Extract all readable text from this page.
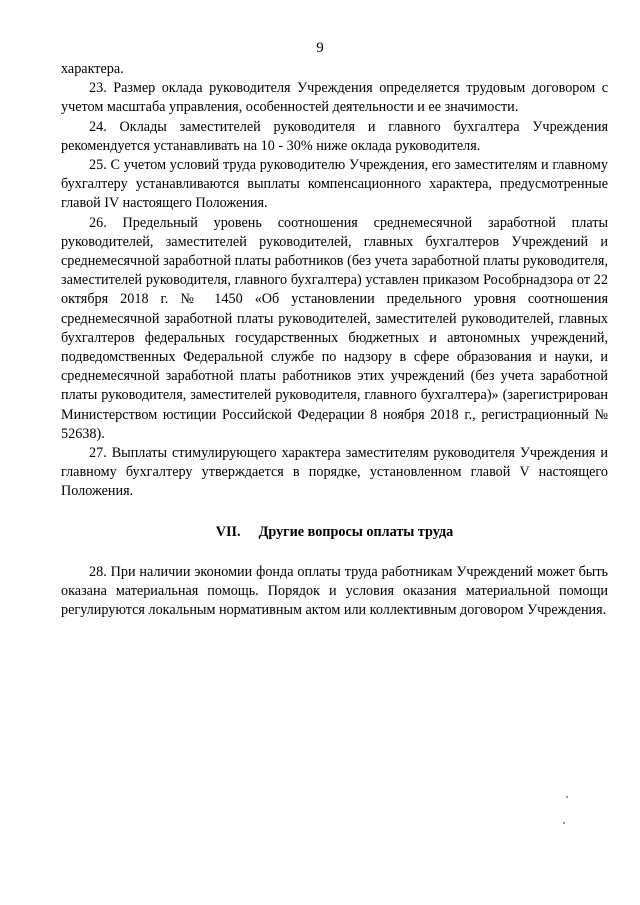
9

характера.

23. Размер оклада руководителя Учреждения определяется трудовым договором с учетом масштаба управления, особенностей деятельности и ее значимости.

24. Оклады заместителей руководителя и главного бухгалтера Учреждения рекомендуется устанавливать на 10 - 30% ниже оклада руководителя.

25. С учетом условий труда руководителю Учреждения, его заместителям и главному бухгалтеру устанавливаются выплаты компенсационного характера, предусмотренные главой IV настоящего Положения.

26. Предельный уровень соотношения среднемесячной заработной платы руководителей, заместителей руководителей, главных бухгалтеров Учреждений и среднемесячной заработной платы работников (без учета заработной платы руководителя, заместителей руководителя, главного бухгалтера) уставлен приказом Рособрнадзора от 22 октября 2018 г. № 1450 «Об установлении предельного уровня соотношения среднемесячной заработной платы руководителей, заместителей руководителей, главных бухгалтеров федеральных государственных бюджетных и автономных учреждений, подведомственных Федеральной службе по надзору в сфере образования и науки, и среднемесячной заработной платы работников этих учреждений (без учета заработной платы руководителя, заместителей руководителя, главного бухгалтера)» (зарегистрирован Министерством юстиции Российской Федерации 8 ноября 2018 г., регистрационный № 52638).

27. Выплаты стимулирующего характера заместителям руководителя Учреждения и главному бухгалтеру утверждается в порядке, установленном главой V настоящего Положения.

VII. Другие вопросы оплаты труда

28. При наличии экономии фонда оплаты труда работникам Учреждений может быть оказана материальная помощь. Порядок и условия оказания материальной помощи регулируются локальным нормативным актом или коллективным договором Учреждения.
